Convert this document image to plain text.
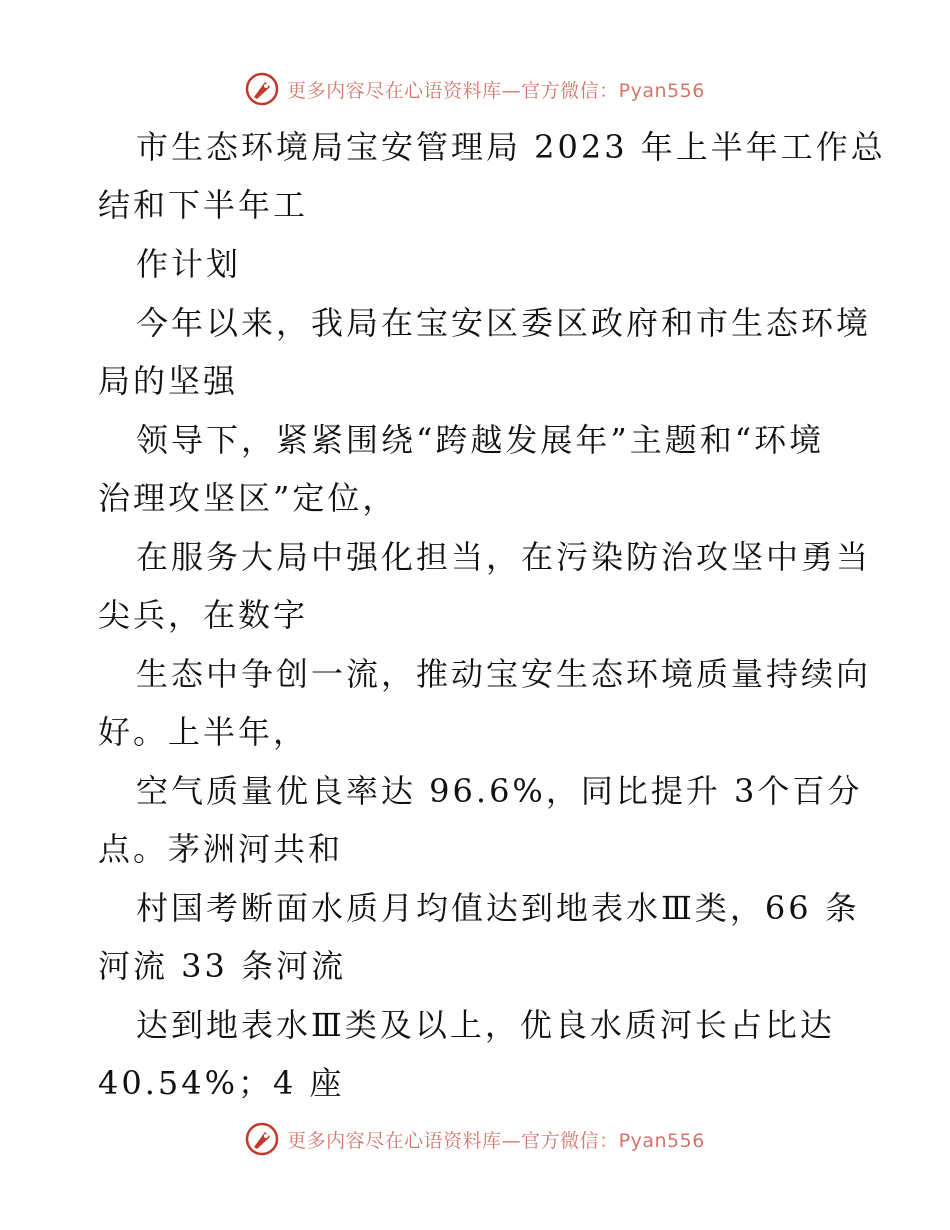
更多内容尽在心语资料库—官方微信：Pyan556
市生态环境局宝安管理局 2023 年上半年工作总
结和下半年工
作计划
今年以来，我局在宝安区委区政府和市生态环境
局的坚强
领导下，紧紧围绕“跨越发展年”主题和“环境
治理攻坚区”定位，
在服务大局中强化担当，在污染防治攻坚中勇当
尖兵，在数字
生态中争创一流，推动宝安生态环境质量持续向
好。上半年，
空气质量优良率达 96.6%，同比提升 3个百分
点。茅洲河共和
村国考断面水质月均值达到地表水Ⅲ类，66 条
河流 33 条河流
达到地表水Ⅲ类及以上，优良水质河长占比达
40.54%；4 座
更多内容尽在心语资料库—官方微信：Pyan556
